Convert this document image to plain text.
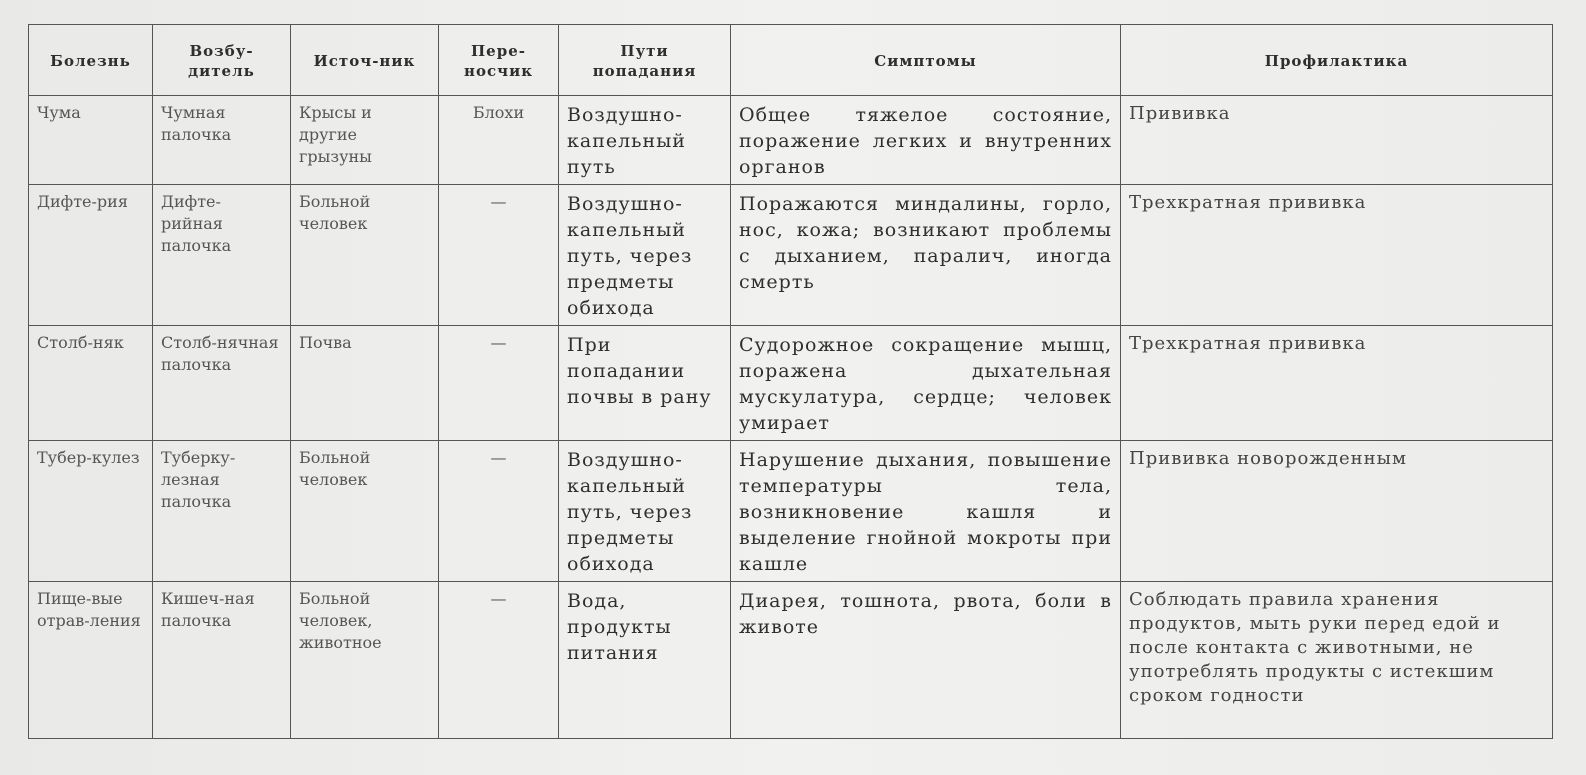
Болезнь	Возбу-дитель	Источ-ник	Пере-носчик	Пути попадания	Симптомы	Профилактика
Чума	Чумная палочка	Крысы и другие грызуны	Блохи	Воздушно-капельный путь	Общее тяжелое состояние, поражение легких и внутренних органов	Прививка
Дифте-рия	Дифте-рийная палочка	Больной человек	—	Воздушно-капельный путь, через предметы обихода	Поражаются миндалины, горло, нос, кожа; возникают проблемы с дыханием, паралич, иногда смерть	Трехкратная прививка
Столб-няк	Столб-нячная палочка	Почва	—	При попадании почвы в рану	Судорожное сокращение мышц, поражена дыхательная мускулатура, сердце; человек умирает	Трехкратная прививка
Тубер-кулез	Туберку-лезная палочка	Больной человек	—	Воздушно-капельный путь, через предметы обихода	Нарушение дыхания, повышение температуры тела, возникновение кашля и выделение гнойной мокроты при кашле	Прививка новорожденным
Пище-вые отрав-ления	Кишеч-ная палочка	Больной человек, животное	—	Вода, продукты питания	Диарея, тошнота, рвота, боли в животе	Соблюдать правила хранения продуктов, мыть руки перед едой и после контакта с животными, не употреблять продукты с истекшим сроком годности
